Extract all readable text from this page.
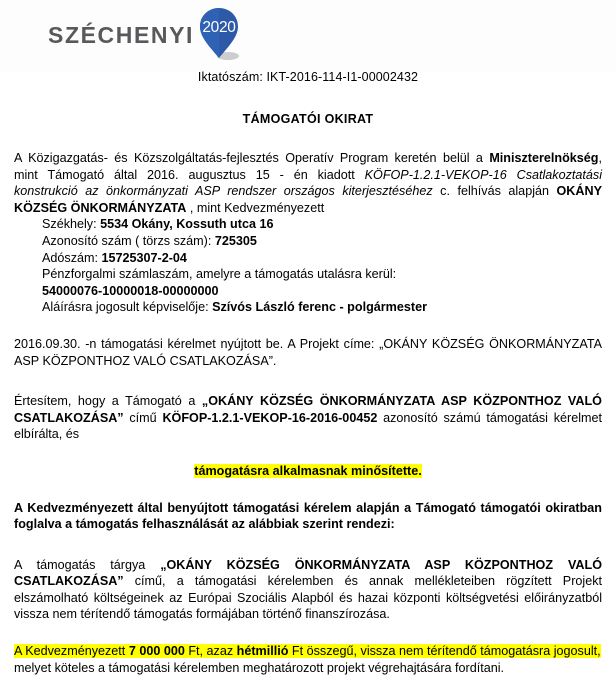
SZÉCHENYI 2020
Iktatószám: IKT-2016-114-I1-00002432
TÁMOGATÓI OKIRAT

A Közigazgatás- és Közszolgáltatás-fejlesztés Operatív Program keretén belül a Miniszterelnökség, mint Támogató által 2016. augusztus 15 - én kiadott KÖFOP-1.2.1-VEKOP-16 Csatlakoztatási konstrukció az önkormányzati ASP rendszer országos kiterjesztéséhez c. felhívás alapján OKÁNY KÖZSÉG ÖNKORMÁNYZATA , mint Kedvezményezett

Székhely: 5534 Okány, Kossuth utca 16
Azonosító szám ( törzs szám): 725305
Adószám: 15725307-2-04
Pénzforgalmi számlaszám, amelyre a támogatás utalásra kerül:
54000076-10000018-00000000
Aláírásra jogosult képviselője: Szívós László ferenc - polgármester

2016.09.30. -n támogatási kérelmet nyújtott be. A Projekt címe: „OKÁNY KÖZSÉG ÖNKORMÁNYZATA ASP KÖZPONTHOZ VALÓ CSATLAKOZÁSA”.

Értesítem, hogy a Támogató a „OKÁNY KÖZSÉG ÖNKORMÁNYZATA ASP KÖZPONTHOZ VALÓ CSATLAKOZÁSA” című KÖFOP-1.2.1-VEKOP-16-2016-00452 azonosító számú támogatási kérelmet elbírálta, és

támogatásra alkalmasnak minősítette.

A Kedvezményezett által benyújtott támogatási kérelem alapján a Támogató támogatói okiratban foglalva a támogatás felhasználását az alábbiak szerint rendezi:

A támogatás tárgya „OKÁNY KÖZSÉG ÖNKORMÁNYZATA ASP KÖZPONTHOZ VALÓ CSATLAKOZÁSA” című, a támogatási kérelemben és annak mellékleteiben rögzített Projekt elszámolható költségeinek az Európai Szociális Alapból és hazai központi költségvetési előirányzatból vissza nem térítendő támogatás formájában történő finanszírozása.

A Kedvezményezett 7 000 000 Ft, azaz hétmillió Ft összegű, vissza nem térítendő támogatásra jogosult, melyet köteles a támogatási kérelemben meghatározott projekt végrehajtására fordítani.
